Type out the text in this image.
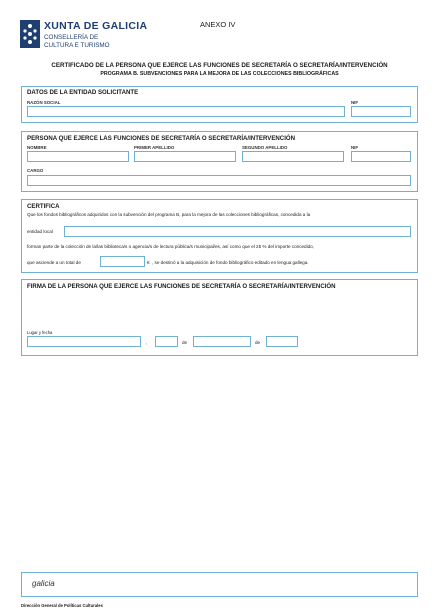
XUNTA DE GALICIA
CONSELLERÍA DE
CULTURA E TURISMO
ANEXO IV
CERTIFICADO DE LA PERSONA QUE EJERCE LAS FUNCIONES DE SECRETARÍA O SECRETARÍA/INTERVENCIÓN
PROGRAMA B. SUBVENCIONES PARA LA MEJORA DE LAS COLECCIONES BIBLIOGRÁFICAS
DATOS DE LA ENTIDAD SOLICITANTE
RAZÓN SOCIAL	NIF
PERSONA QUE EJERCE LAS FUNCIONES DE SECRETARÍA O SECRETARÍA/INTERVENCIÓN
NOMBRE	PRIMER APELLIDO	SEGUNDO APELLIDO	NIF
CARGO
CERTIFICA
Que los fondos bibliográficos adquiridos con la subvención del programa B, para la mejora de las colecciones bibliográficas, concedida a la
entidad local
forman parte de la colección de la/las biblioteca/s o agencia/s de lectura pública/s municipal/es, así como que el 25 % del importe concedido,
que asciende a un total de	€ , se destinó a la adquisición de fondo bibliográfico editado en lengua gallega.
FIRMA DE LA PERSONA QUE EJERCE LAS FUNCIONES DE SECRETARÍA O SECRETARÍA/INTERVENCIÓN
Lugar y fecha
,	de	de
galicia
Dirección General de Políticas Culturales
